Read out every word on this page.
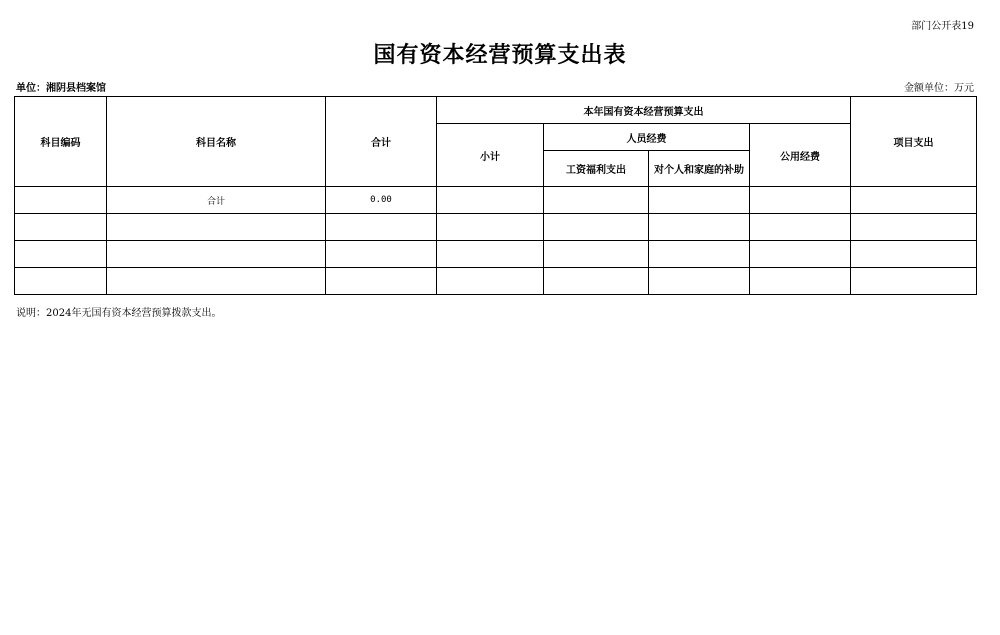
部门公开表19
国有资本经营预算支出表
单位：湘阴县档案馆	金额单位：万元
科目编码	科目名称	合计	本年国有资本经营预算支出				项目支出
			小计	人员经费		公用经费	
				工资福利支出	对个人和家庭的补助		
	合计	0.00					

说明：2024年无国有资本经营预算拨款支出。
